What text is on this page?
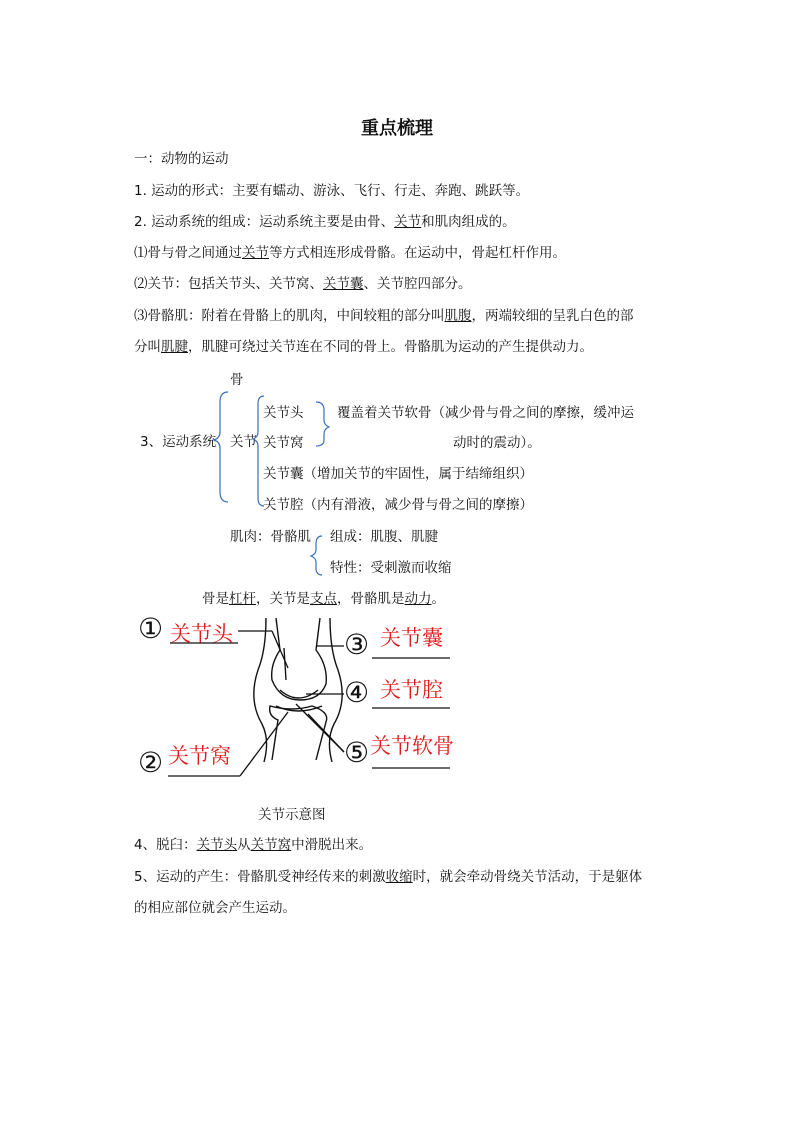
重点梳理
一：动物的运动
1. 运动的形式：主要有蠕动、游泳、飞行、行走、奔跑、跳跃等。
2. 运动系统的组成：运动系统主要是由骨、关节和肌肉组成的。
⑴骨与骨之间通过关节等方式相连形成骨骼。在运动中，骨起杠杆作用。
⑵关节：包括关节头、关节窝、关节囊、关节腔四部分。
⑶骨骼肌：附着在骨骼上的肌肉，中间较粗的部分叫肌腹，两端较细的呈乳白色的部
分叫肌腱，肌腱可绕过关节连在不同的骨上。骨骼肌为运动的产生提供动力。
骨
3、运动系统 关节
关节头
关节窝
覆盖着关节软骨（减少骨与骨之间的摩擦，缓冲运
动时的震动）。
关节囊（增加关节的牢固性，属于结缔组织）
关节腔（内有滑液，减少骨与骨之间的摩擦）
肌肉：骨骼肌 组成：肌腹、肌腱
特性：受刺激而收缩
骨是杠杆，关节是支点，骨骼肌是动力。
① 关节头
② 关节窝
③ 关节囊
④ 关节腔
⑤ 关节软骨
关节示意图
4、脱臼：关节头从关节窝中滑脱出来。
5、运动的产生：骨骼肌受神经传来的刺激收缩时，就会牵动骨绕关节活动，于是躯体
的相应部位就会产生运动。
